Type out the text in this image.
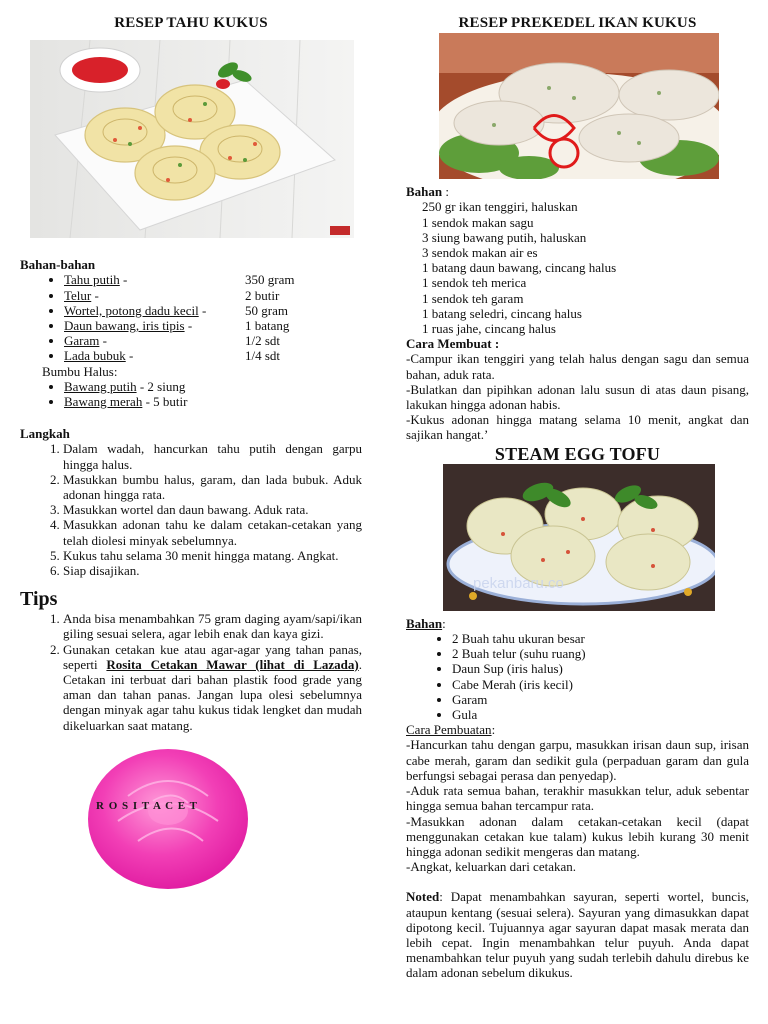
RESEP TAHU KUKUS
Bahan-bahan
• Tahu putih -	350 gram
• Telur -	2 butir
• Wortel, potong dadu kecil -	50 gram
• Daun bawang, iris tipis -	1 batang
• Garam -	1/2 sdt
• Lada bubuk -	1/4 sdt
Bumbu Halus:
• Bawang putih - 2 siung
• Bawang merah - 5 butir
Langkah
1. Dalam wadah, hancurkan tahu putih dengan garpu hingga halus.
2. Masukkan bumbu halus, garam, dan lada bubuk. Aduk adonan hingga rata.
3. Masukkan wortel dan daun bawang. Aduk rata.
4. Masukkan adonan tahu ke dalam cetakan-cetakan yang telah diolesi minyak sebelumnya.
5. Kukus tahu selama 30 menit hingga matang. Angkat.
6. Siap disajikan.
Tips
1. Anda bisa menambahkan 75 gram daging ayam/sapi/ikan giling sesuai selera, agar lebih enak dan kaya gizi.
2. Gunakan cetakan kue atau agar-agar yang tahan panas, seperti Rosita Cetakan Mawar (lihat di Lazada). Cetakan ini terbuat dari bahan plastik food grade yang aman dan tahan panas. Jangan lupa olesi sebelumnya dengan minyak agar tahu kukus tidak lengket dan mudah dikeluarkan saat matang.
R O S I T A C E T
RESEP PREKEDEL IKAN KUKUS
Bahan :
250 gr ikan tenggiri, haluskan
1 sendok makan sagu
3 siung bawang putih, haluskan
3 sendok makan air es
1 batang daun bawang, cincang halus
1 sendok teh merica
1 sendok teh garam
1 batang seledri, cincang halus
1 ruas jahe, cincang halus
Cara Membuat :

-Campur ikan tenggiri yang telah halus dengan sagu dan semua bahan, aduk rata.

-Bulatkan dan pipihkan adonan lalu susun di atas daun pisang, lakukan hingga adonan habis.

-Kukus adonan hingga matang selama 10 menit, angkat dan sajikan hangat.’

STEAM EGG TOFU
pekanbaru.co
Bahan:
• 2 Buah tahu ukuran besar
• 2 Buah telur (suhu ruang)
• Daun Sup (iris halus)
• Cabe Merah (iris kecil)
• Garam
• Gula
Cara Pembuatan:

-Hancurkan tahu dengan garpu, masukkan irisan daun sup, irisan cabe merah, garam dan sedikit gula (perpaduan garam dan gula berfungsi sebagai perasa dan penyedap).

-Aduk rata semua bahan, terakhir masukkan telur, aduk sebentar hingga semua bahan tercampur rata.

-Masukkan adonan dalam cetakan-cetakan kecil (dapat menggunakan cetakan kue talam) kukus lebih kurang 30 menit hingga adonan sedikit mengeras dan matang.

-Angkat, keluarkan dari cetakan.

Noted: Dapat menambahkan sayuran, seperti wortel, buncis, ataupun kentang (sesuai selera). Sayuran yang dimasukkan dapat dipotong kecil. Tujuannya agar sayuran dapat masak merata dan lebih cepat. Ingin menambahkan telur puyuh. Anda dapat menambahkan telur puyuh yang sudah terlebih dahulu direbus ke dalam adonan sebelum dikukus.
